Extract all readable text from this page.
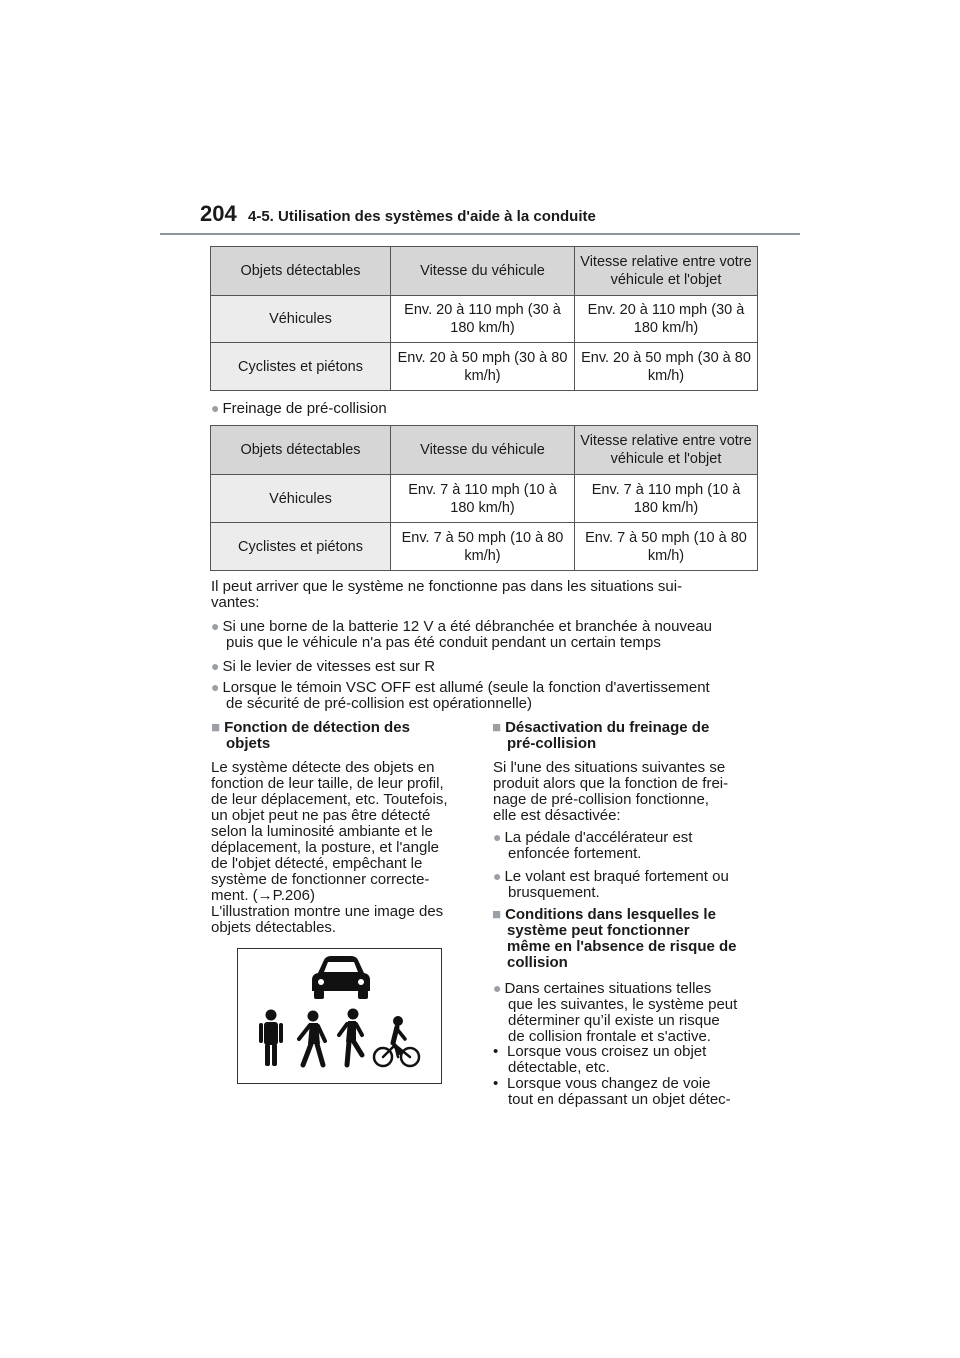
204 4-5. Utilisation des systèmes d'aide à la conduite
Objets détectables	Vitesse du véhicule	Vitesse relative entre votre véhicule et l'objet
Véhicules	Env. 20 à 110 mph (30 à 180 km/h)	Env. 20 à 110 mph (30 à 180 km/h)
Cyclistes et piétons	Env. 20 à 50 mph (30 à 80 km/h)	Env. 20 à 50 mph (30 à 80 km/h)
● Freinage de pré-collision
Objets détectables	Vitesse du véhicule	Vitesse relative entre votre véhicule et l'objet
Véhicules	Env. 7 à 110 mph (10 à 180 km/h)	Env. 7 à 110 mph (10 à 180 km/h)
Cyclistes et piétons	Env. 7 à 50 mph (10 à 80 km/h)	Env. 7 à 50 mph (10 à 80 km/h)
Il peut arriver que le système ne fonctionne pas dans les situations sui-
vantes:
● Si une borne de la batterie 12 V a été débranchée et branchée à nouveau
puis que le véhicule n'a pas été conduit pendant un certain temps
● Si le levier de vitesses est sur R
● Lorsque le témoin VSC OFF est allumé (seule la fonction d'avertissement
de sécurité de pré-collision est opérationnelle)
■ Fonction de détection des
objets
Le système détecte des objets en
fonction de leur taille, de leur profil,
de leur déplacement, etc. Toutefois,
un objet peut ne pas être détecté
selon la luminosité ambiante et le
déplacement, la posture, et l'angle
de l'objet détecté, empêchant le
système de fonctionner correcte-
ment. (→P.206)
L'illustration montre une image des
objets détectables.
■ Désactivation du freinage de
pré-collision
Si l'une des situations suivantes se
produit alors que la fonction de frei-
nage de pré-collision fonctionne,
elle est désactivée:
● La pédale d'accélérateur est
enfoncée fortement.
● Le volant est braqué fortement ou
brusquement.
■ Conditions dans lesquelles le
système peut fonctionner
même en l'absence de risque de
collision
● Dans certaines situations telles
que les suivantes, le système peut
déterminer qu’il existe un risque
de collision frontale et s'active.
• Lorsque vous croisez un objet
détectable, etc.
• Lorsque vous changez de voie
tout en dépassant un objet détec-
